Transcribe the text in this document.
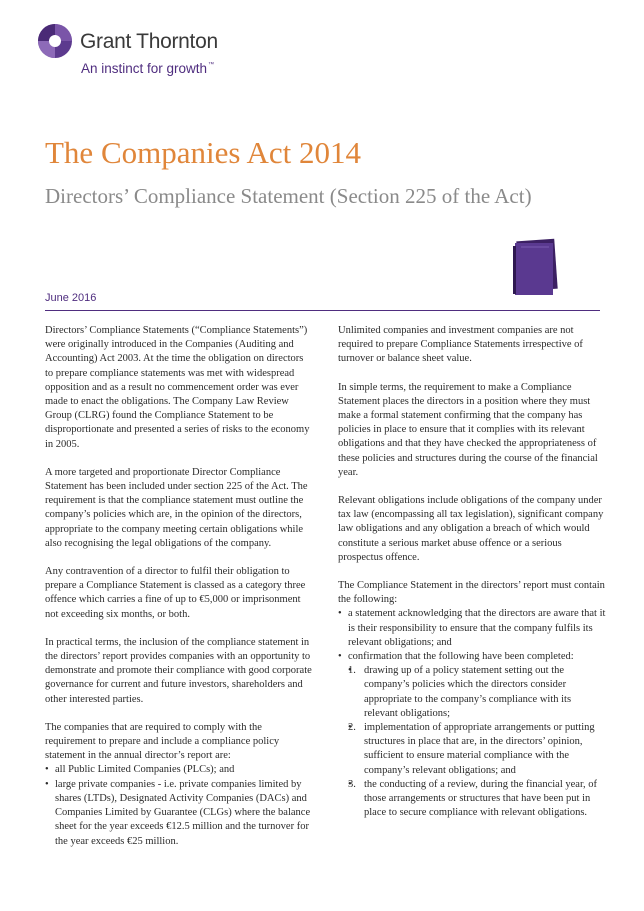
Grant Thornton
An instinct for growth™
The Companies Act 2014
Directors’ Compliance Statement (Section 225 of the Act)
June 2016

Directors’ Compliance Statements (“Compliance Statements”) were originally introduced in the Companies (Auditing and Accounting) Act 2003. At the time the obligation on directors to prepare compliance statements was met with widespread opposition and as a result no commencement order was ever made to enact the obligations. The Company Law Review Group (CLRG) found the Compliance Statement to be disproportionate and presented a series of risks to the economy in 2005.

A more targeted and proportionate Director Compliance Statement has been included under section 225 of the Act. The requirement is that the compliance statement must outline the company’s policies which are, in the opinion of the directors, appropriate to the company meeting certain obligations while also recognising the legal obligations of the company.

Any contravention of a director to fulfil their obligation to prepare a Compliance Statement is classed as a category three offence which carries a fine of up to €5,000 or imprisonment not exceeding six months, or both.

In practical terms, the inclusion of the compliance statement in the directors’ report provides companies with an opportunity to demonstrate and promote their compliance with good corporate governance for current and future investors, shareholders and other interested parties.

The companies that are required to comply with the requirement to prepare and include a compliance policy statement in the annual director’s report are:

• all Public Limited Companies (PLCs); and
• large private companies - i.e. private companies limited by shares (LTDs), Designated Activity Companies (DACs) and Companies Limited by Guarantee (CLGs) where the balance sheet for the year exceeds €12.5 million and the turnover for the year exceeds €25 million.

Unlimited companies and investment companies are not required to prepare Compliance Statements irrespective of turnover or balance sheet value.

In simple terms, the requirement to make a Compliance Statement places the directors in a position where they must make a formal statement confirming that the company has policies in place to ensure that it complies with its relevant obligations and that they have checked the appropriateness of these policies and structures during the course of the financial year.

Relevant obligations include obligations of the company under tax law (encompassing all tax legislation), significant company law obligations and any obligation a breach of which would constitute a serious market abuse offence or a serious prospectus offence.

The Compliance Statement in the directors’ report must contain the following:

• a statement acknowledging that the directors are aware that it is their responsibility to ensure that the company fulfils its relevant obligations; and
• confirmation that the following have been completed:
• 1. drawing up of a policy statement setting out the company’s policies which the directors consider appropriate to the company’s compliance with its relevant obligations;
• 2. implementation of appropriate arrangements or putting structures in place that are, in the directors’ opinion, sufficient to ensure material compliance with the company’s relevant obligations; and
• 3. the conducting of a review, during the financial year, of those arrangements or structures that have been put in place to secure compliance with relevant obligations.
